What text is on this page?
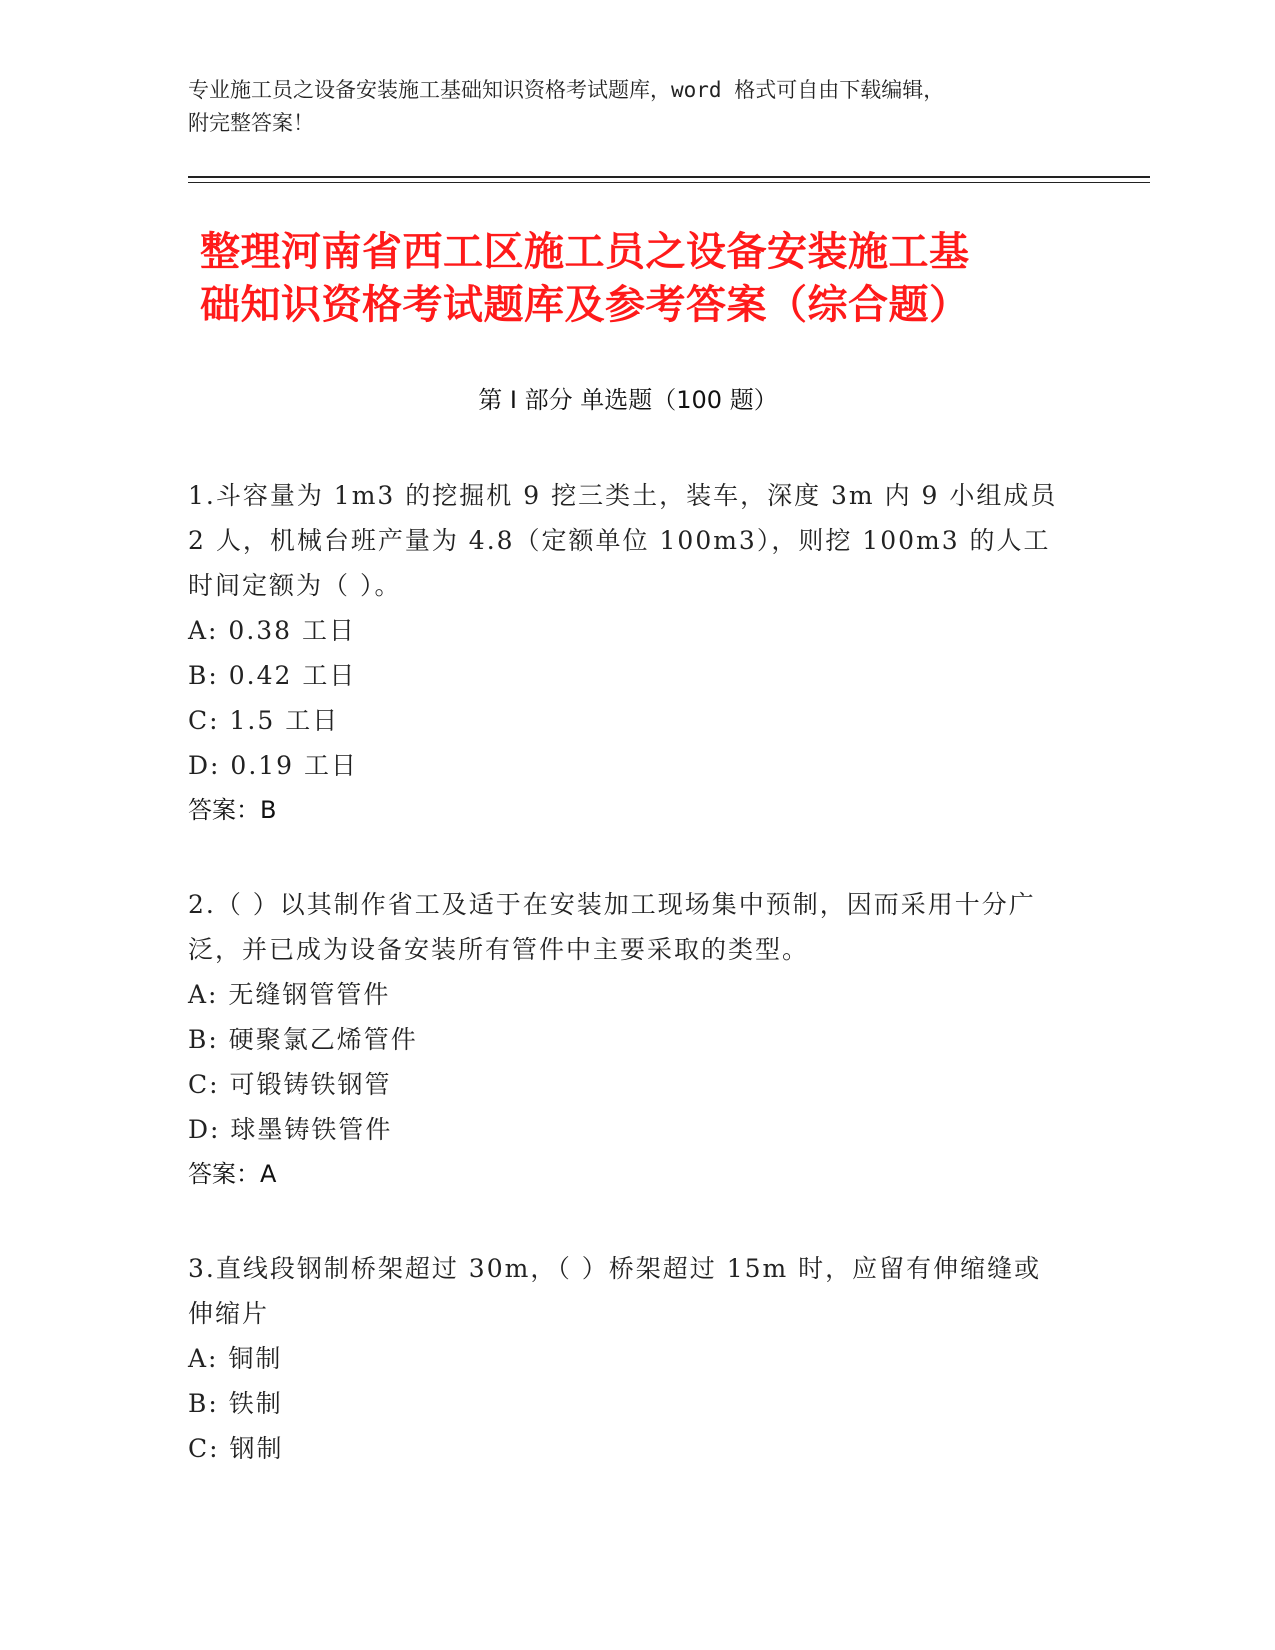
专业施工员之设备安装施工基础知识资格考试题库，word 格式可自由下载编辑，
附完整答案！
整理河南省西工区施工员之设备安装施工基
础知识资格考试题库及参考答案（综合题）
第 I 部分 单选题（100 题）
1.斗容量为 1m3 的挖掘机 9 挖三类土，装车，深度 3m 内 9 小组成员 2 人，机械台班产量为 4.8（定额单位 100m3），则挖 100m3 的人工时间定额为（ ）。
A: 0.38 工日
B: 0.42 工日
C: 1.5 工日
D: 0.19 工日
答案：B
2.（ ）以其制作省工及适于在安装加工现场集中预制，因而采用十分广泛，并已成为设备安装所有管件中主要采取的类型。
A: 无缝钢管管件
B: 硬聚氯乙烯管件
C: 可锻铸铁钢管
D: 球墨铸铁管件
答案：A
3.直线段钢制桥架超过 30m，（ ）桥架超过 15m 时，应留有伸缩缝或伸缩片
A: 铜制
B: 铁制
C: 钢制
